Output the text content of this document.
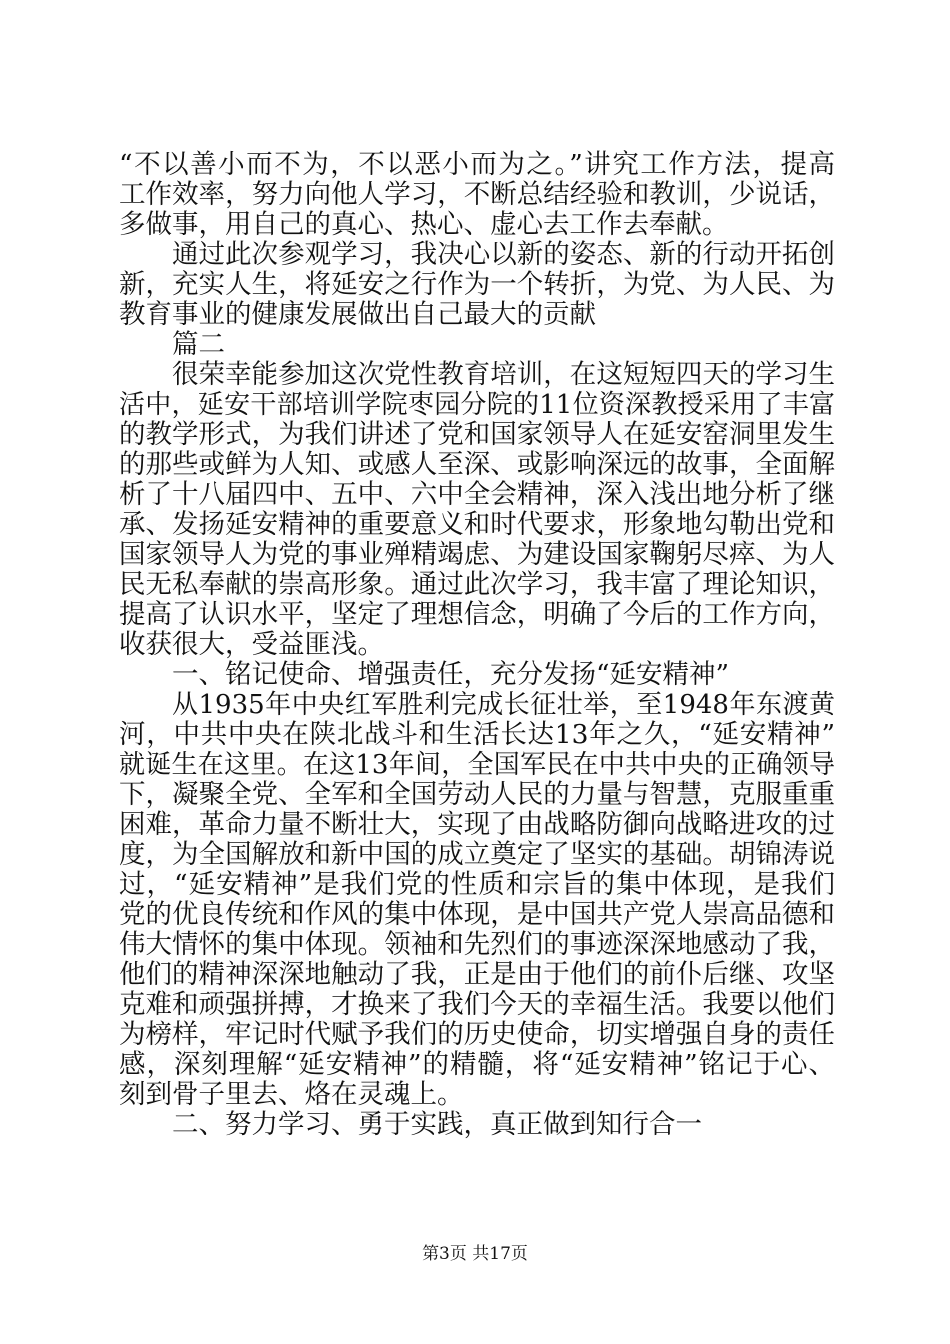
“不以善小而不为，不以恶小而为之。”讲究工作方法，提高
工作效率，努力向他人学习，不断总结经验和教训，少说话，
多做事，用自己的真心、热心、虚心去工作去奉献。
通过此次参观学习，我决心以新的姿态、新的行动开拓创
新，充实人生，将延安之行作为一个转折，为党、为人民、为
教育事业的健康发展做出自己最大的贡献
篇二
很荣幸能参加这次党性教育培训，在这短短四天的学习生
活中，延安干部培训学院枣园分院的11位资深教授采用了丰富
的教学形式，为我们讲述了党和国家领导人在延安窑洞里发生
的那些或鲜为人知、或感人至深、或影响深远的故事，全面解
析了十八届四中、五中、六中全会精神，深入浅出地分析了继
承、发扬延安精神的重要意义和时代要求，形象地勾勒出党和
国家领导人为党的事业殚精竭虑、为建设国家鞠躬尽瘁、为人
民无私奉献的崇高形象。通过此次学习，我丰富了理论知识，
提高了认识水平，坚定了理想信念，明确了今后的工作方向，
收获很大，受益匪浅。
一、铭记使命、增强责任，充分发扬“延安精神”
从1935年中央红军胜利完成长征壮举，至1948年东渡黄
河，中共中央在陕北战斗和生活长达13年之久，“延安精神”
就诞生在这里。在这13年间，全国军民在中共中央的正确领导
下，凝聚全党、全军和全国劳动人民的力量与智慧，克服重重
困难，革命力量不断壮大，实现了由战略防御向战略进攻的过
度，为全国解放和新中国的成立奠定了坚实的基础。胡锦涛说
过，“延安精神”是我们党的性质和宗旨的集中体现，是我们
党的优良传统和作风的集中体现，是中国共产党人崇高品德和
伟大情怀的集中体现。领袖和先烈们的事迹深深地感动了我，
他们的精神深深地触动了我，正是由于他们的前仆后继、攻坚
克难和顽强拼搏，才换来了我们今天的幸福生活。我要以他们
为榜样，牢记时代赋予我们的历史使命，切实增强自身的责任
感，深刻理解“延安精神”的精髓，将“延安精神”铭记于心、
刻到骨子里去、烙在灵魂上。
二、努力学习、勇于实践，真正做到知行合一
第3页 共17页
